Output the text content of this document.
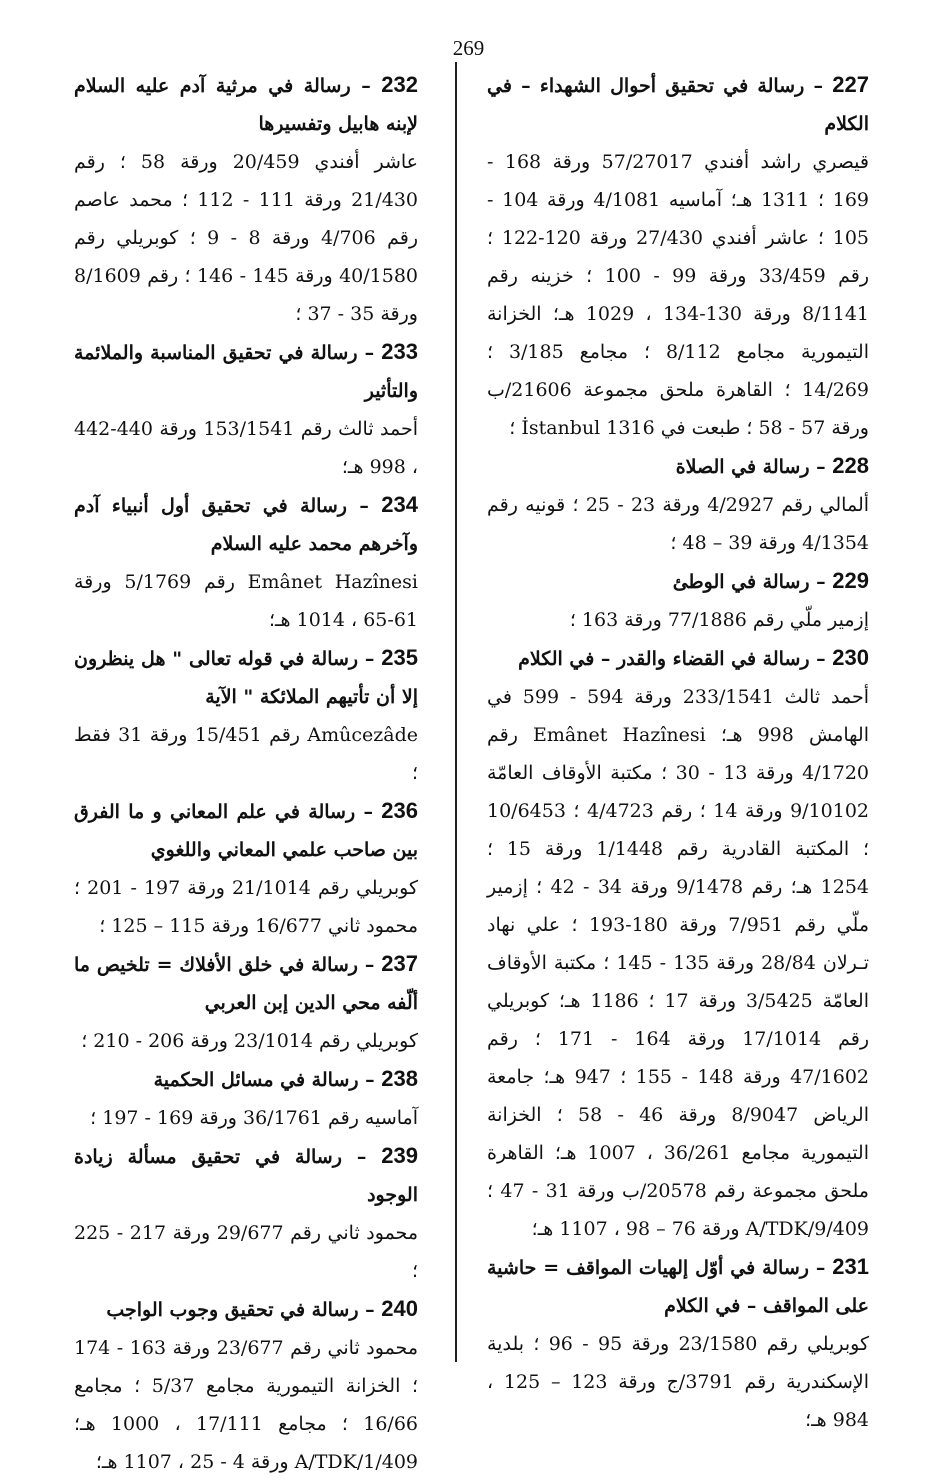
269
227 – رسالة في تحقيق أحوال الشهداء – في الكلام
قيصري راشد أفندي 57/27017 ورقة 168 - 169 ؛ 1311 هـ؛ آماسيه 4/1081 ورقة 104 - 105 ؛ عاشر أفندي 27/430 ورقة 120-122 ؛ رقم 33/459 ورقة 99 - 100 ؛ خزينه رقم 8/1141 ورقة 130-134 ، 1029 هـ؛ الخزانة التيمورية مجامع 8/112 ؛ مجامع 3/185 ؛ 14/269 ؛ القاهرة ملحق مجموعة 21606/ب ورقة 57 - 58 ؛ طبعت في İstanbul 1316 ؛
228 – رسالة في الصلاة
ألمالي رقم 4/2927 ورقة 23 - 25 ؛ قونيه رقم 4/1354 ورقة 39 – 48 ؛
229 – رسالة في الوطئ
إزمير ملّي رقم 77/1886 ورقة 163 ؛
230 – رسالة في القضاء والقدر – في الكلام
أحمد ثالث 233/1541 ورقة 594 - 599 في الهامش 998 هـ؛ Emânet Hazînesi رقم 4/1720 ورقة 13 - 30 ؛ مكتبة الأوقاف العامّة 9/10102 ورقة 14 ؛ رقم 4/4723 ؛ 10/6453 ؛ المكتبة القادرية رقم 1/1448 ورقة 15 ؛ 1254 هـ؛ رقم 9/1478 ورقة 34 - 42 ؛ إزمير ملّي رقم 7/951 ورقة 180-193 ؛ علي نهاد تـرلان 28/84 ورقة 135 - 145 ؛ مكتبة الأوقاف العامّة 3/5425 ورقة 17 ؛ 1186 هـ؛ كوبريلي رقم 17/1014 ورقة 164 - 171 ؛ رقم 47/1602 ورقة 148 - 155 ؛ 947 هـ؛ جامعة الرياض 8/9047 ورقة 46 - 58 ؛ الخزانة التيمورية مجامع 36/261 ، 1007 هـ؛ القاهرة ملحق مجموعة رقم 20578/ب ورقة 31 - 47 ؛ 9/409/A/TDK ورقة 76 – 98 ، 1107 هـ؛
231 – رسالة في أوّل إلهيات المواقف = حاشية على المواقف – في الكلام
كوبريلي رقم 23/1580 ورقة 95 - 96 ؛ بلدية الإسكندرية رقم 3791/ج ورقة 123 – 125 ، 984 هـ؛
232 – رسالة في مرثية آدم عليه السلام لإبنه هابيل وتفسيرها
عاشر أفندي 20/459 ورقة 58 ؛ رقم 21/430 ورقة 111 - 112 ؛ محمد عاصم رقم 4/706 ورقة 8 - 9 ؛ كوبريلي رقم 40/1580 ورقة 145 - 146 ؛ رقم 8/1609 ورقة 35 - 37 ؛
233 – رسالة في تحقيق المناسبة والملائمة والتأثير
أحمد ثالث رقم 153/1541 ورقة 440-442 ، 998 هـ؛
234 – رسالة في تحقيق أول أنبياء آدم وآخرهم محمد عليه السلام
Emânet Hazînesi رقم 5/1769 ورقة 61-65 ، 1014 هـ؛
235 – رسالة في قوله تعالى " هل ينظرون إلا أن تأتيهم الملائكة " الآية
Amûcezâde رقم 15/451 ورقة 31 فقط ؛
236 – رسالة في علم المعاني و ما الفرق بين صاحب علمي المعاني واللغوي
كوبريلي رقم 21/1014 ورقة 197 - 201 ؛ محمود ثاني 16/677 ورقة 115 – 125 ؛
237 – رسالة في خلق الأفلاك = تلخيص ما ألّفه محي الدين إبن العربي
كوبريلي رقم 23/1014 ورقة 206 - 210 ؛
238 – رسالة في مسائل الحكمية
آماسيه رقم 36/1761 ورقة 169 - 197 ؛
239 – رسالة في تحقيق مسألة زيادة الوجود
محمود ثاني رقم 29/677 ورقة 217 - 225 ؛
240 – رسالة في تحقيق وجوب الواجب
محمود ثاني رقم 23/677 ورقة 163 - 174 ؛ الخزانة التيمورية مجامع 5/37 ؛ مجامع 16/66 ؛ مجامع 17/111 ، 1000 هـ؛ 1/409/A/TDK ورقة 4 - 25 ، 1107 هـ؛
